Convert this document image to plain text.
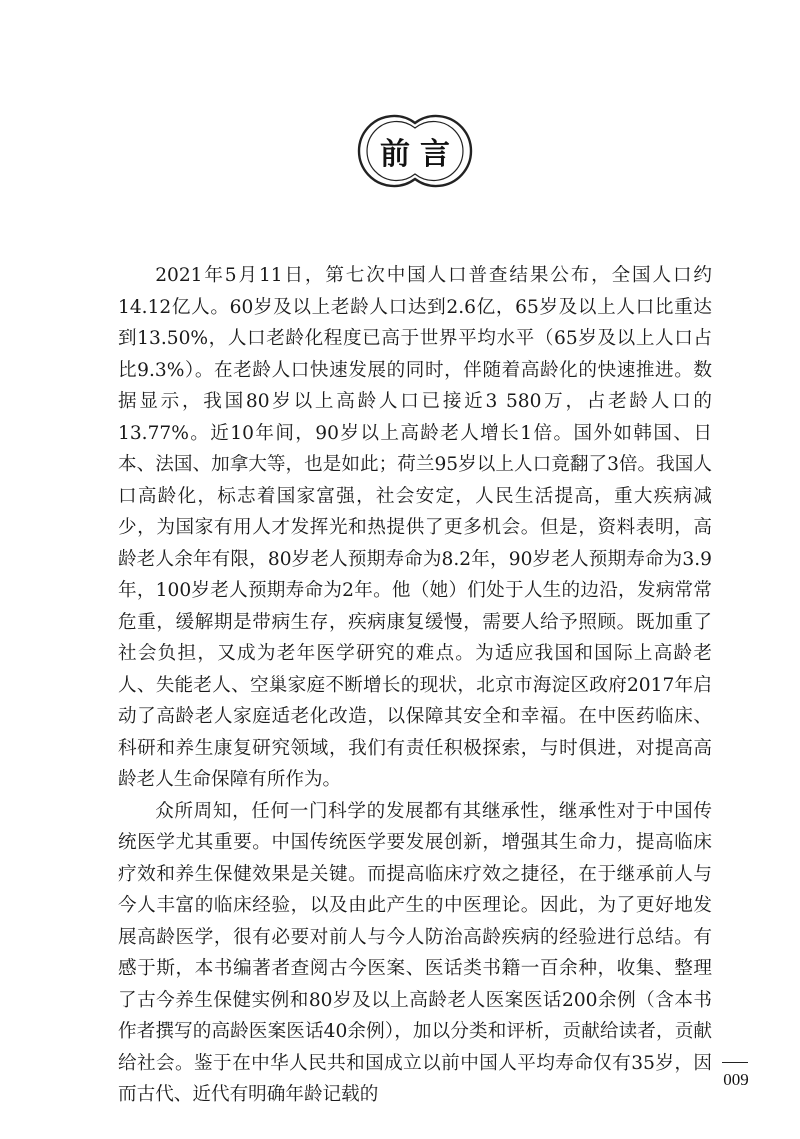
前言

2021年5月11日，第七次中国人口普查结果公布，全国人口约14.12亿人。60岁及以上老龄人口达到2.6亿，65岁及以上人口比重达到13.50%，人口老龄化程度已高于世界平均水平（65岁及以上人口占比9.3%）。在老龄人口快速发展的同时，伴随着高龄化的快速推进。数据显示，我国80岁以上高龄人口已接近3 580万，占老龄人口的13.77%。近10年间，90岁以上高龄老人增长1倍。国外如韩国、日本、法国、加拿大等，也是如此；荷兰95岁以上人口竟翻了3倍。我国人口高龄化，标志着国家富强，社会安定，人民生活提高，重大疾病减少，为国家有用人才发挥光和热提供了更多机会。但是，资料表明，高龄老人余年有限，80岁老人预期寿命为8.2年，90岁老人预期寿命为3.9年，100岁老人预期寿命为2年。他（她）们处于人生的边沿，发病常常危重，缓解期是带病生存，疾病康复缓慢，需要人给予照顾。既加重了社会负担，又成为老年医学研究的难点。为适应我国和国际上高龄老人、失能老人、空巢家庭不断增长的现状，北京市海淀区政府2017年启动了高龄老人家庭适老化改造，以保障其安全和幸福。在中医药临床、科研和养生康复研究领域，我们有责任积极探索，与时俱进，对提高高龄老人生命保障有所作为。

众所周知，任何一门科学的发展都有其继承性，继承性对于中国传统医学尤其重要。中国传统医学要发展创新，增强其生命力，提高临床疗效和养生保健效果是关键。而提高临床疗效之捷径，在于继承前人与今人丰富的临床经验，以及由此产生的中医理论。因此，为了更好地发展高龄医学，很有必要对前人与今人防治高龄疾病的经验进行总结。有感于斯，本书编著者查阅古今医案、医话类书籍一百余种，收集、整理了古今养生保健实例和80岁及以上高龄老人医案医话200余例（含本书作者撰写的高龄医案医话40余例），加以分类和评析，贡献给读者，贡献给社会。鉴于在中华人民共和国成立以前中国人平均寿命仅有35岁，因而古代、近代有明确年龄记载的

009
